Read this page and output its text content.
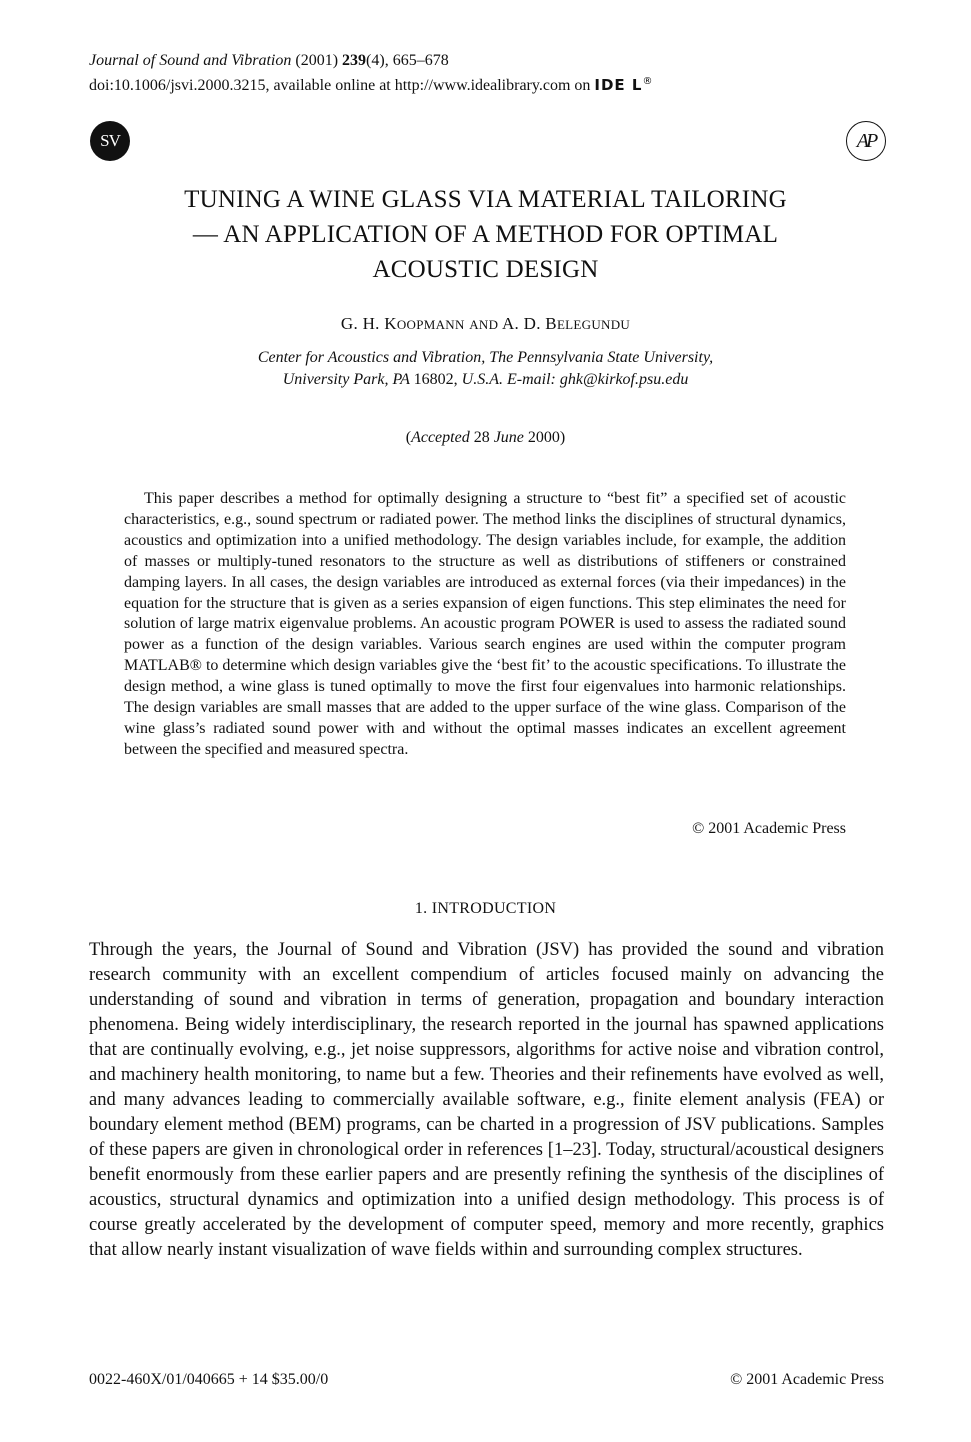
Journal of Sound and Vibration (2001) 239(4), 665–678
doi:10.1006/jsvi.2000.3215, available online at http://www.idealibrary.com on IDE L®
SV	AP
TUNING A WINE GLASS VIA MATERIAL TAILORING
— AN APPLICATION OF A METHOD FOR OPTIMAL
ACOUSTIC DESIGN
G. H. KOOPMANN AND A. D. BELEGUNDU
Center for Acoustics and Vibration, The Pennsylvania State University,
University Park, PA 16802, U.S.A. E-mail: ghk@kirkof.psu.edu
(Accepted 28 June 2000)
This paper describes a method for optimally designing a structure to “best fit” a specified set of acoustic characteristics, e.g., sound spectrum or radiated power. The method links the disciplines of structural dynamics, acoustics and optimization into a unified methodology. The design variables include, for example, the addition of masses or multiply-tuned resonators to the structure as well as distributions of stiffeners or constrained damping layers. In all cases, the design variables are introduced as external forces (via their impedances) in the equation for the structure that is given as a series expansion of eigen functions. This step eliminates the need for solution of large matrix eigenvalue problems. An acoustic program POWER is used to assess the radiated sound power as a function of the design variables. Various search engines are used within the computer program MATLAB® to determine which design variables give the ‘best fit’ to the acoustic specifications. To illustrate the design method, a wine glass is tuned optimally to move the first four eigenvalues into harmonic relationships. The design variables are small masses that are added to the upper surface of the wine glass. Comparison of the wine glass’s radiated sound power with and without the optimal masses indicates an excellent agreement between the specified and measured spectra.
© 2001 Academic Press
1. INTRODUCTION
Through the years, the Journal of Sound and Vibration (JSV) has provided the sound and vibration research community with an excellent compendium of articles focused mainly on advancing the understanding of sound and vibration in terms of generation, propagation and boundary interaction phenomena. Being widely interdisciplinary, the research reported in the journal has spawned applications that are continually evolving, e.g., jet noise suppressors, algorithms for active noise and vibration control, and machinery health monitoring, to name but a few. Theories and their refinements have evolved as well, and many advances leading to commercially available software, e.g., finite element analysis (FEA) or boundary element method (BEM) programs, can be charted in a progression of JSV publications. Samples of these papers are given in chronological order in references [1–23]. Today, structural/acoustical designers benefit enormously from these earlier papers and are presently refining the synthesis of the disciplines of acoustics, structural dynamics and optimization into a unified design methodology. This process is of course greatly accelerated by the development of computer speed, memory and more recently, graphics that allow nearly instant visualization of wave fields within and surrounding complex structures.
0022-460X/01/040665 + 14 $35.00/0	© 2001 Academic Press
